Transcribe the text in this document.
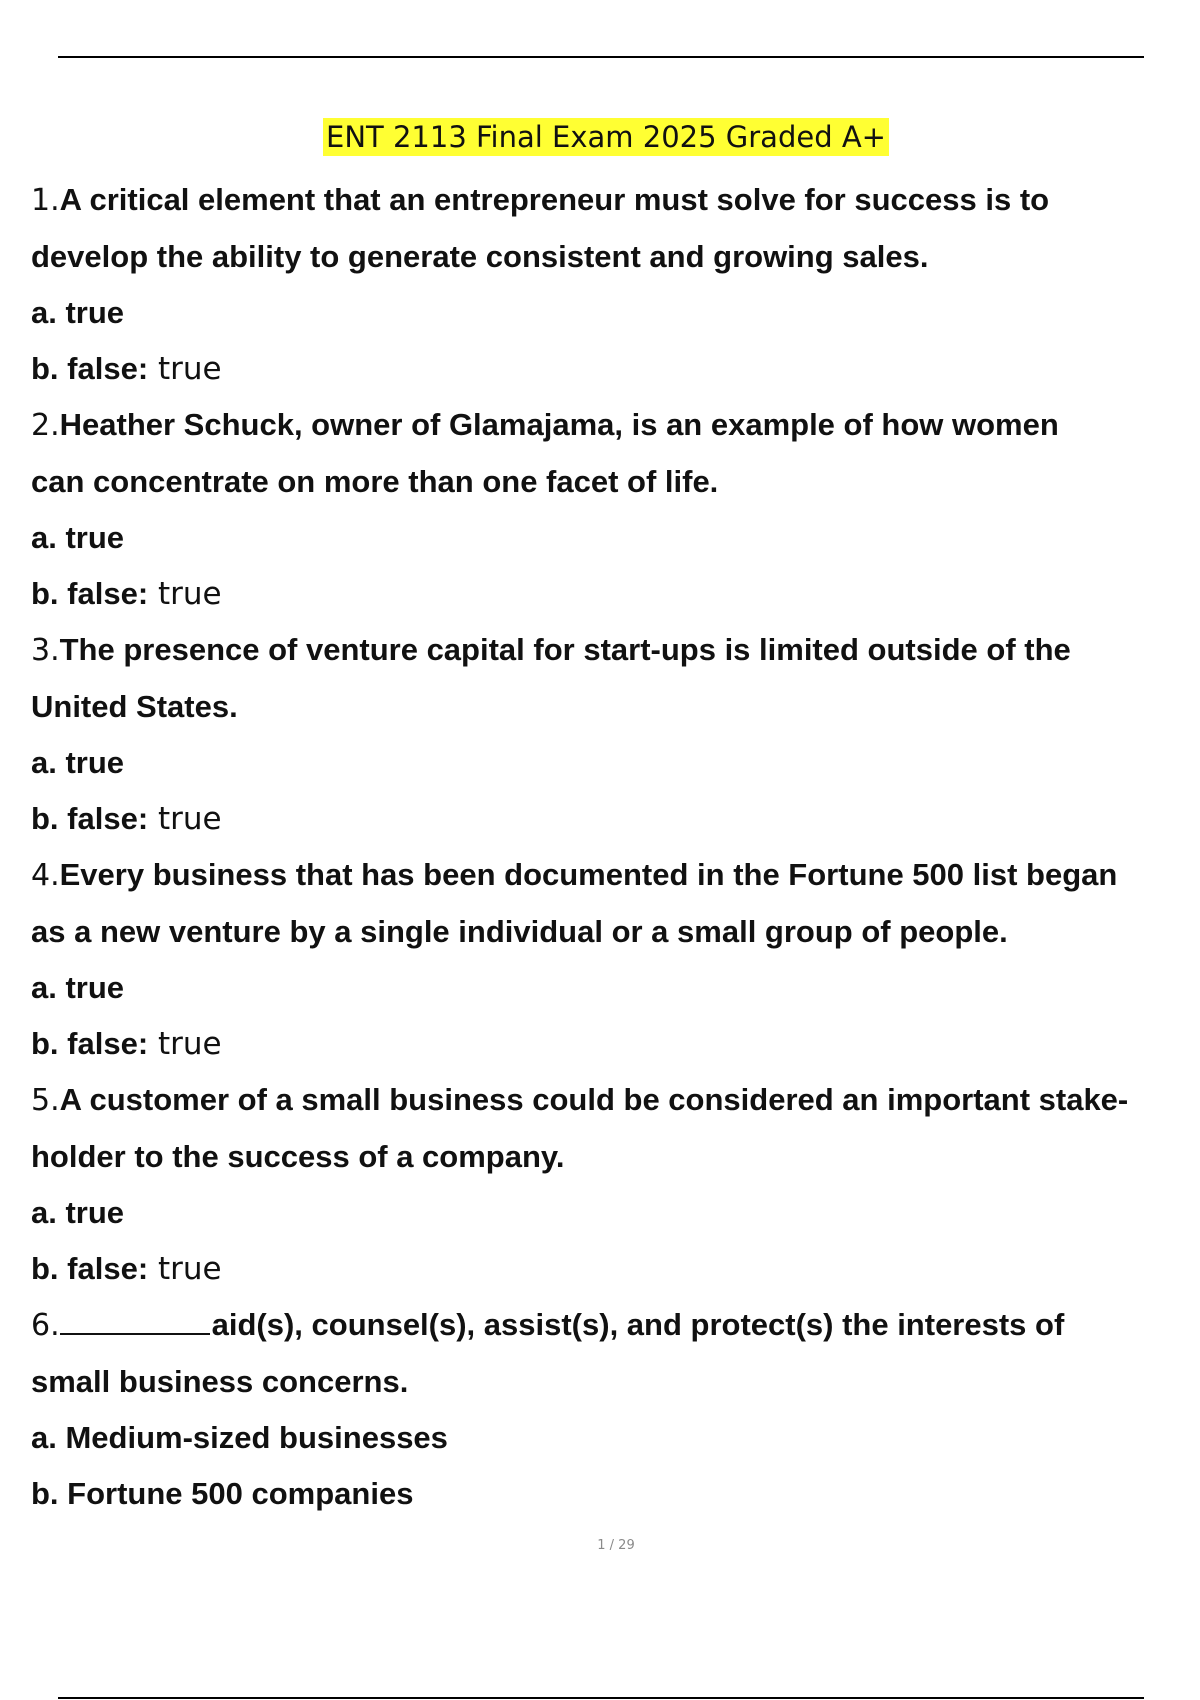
ENT 2113 Final Exam 2025 Graded A+
1.A critical element that an entrepreneur must solve for success is to
develop the ability to generate consistent and growing sales.
a. true
b. false: true
2.Heather Schuck, owner of Glamajama, is an example of how women
can concentrate on more than one facet of life.
a. true
b. false: true
3.The presence of venture capital for start-ups is limited outside of the
United States.
a. true
b. false: true
4.Every business that has been documented in the Fortune 500 list began
as a new venture by a single individual or a small group of people.
a. true
b. false: true
5.A customer of a small business could be considered an important stake-
holder to the success of a company.
a. true
b. false: true
6.	aid(s), counsel(s), assist(s), and protect(s) the interests of
small business concerns.
a. Medium-sized businesses
b. Fortune 500 companies
1 / 29
